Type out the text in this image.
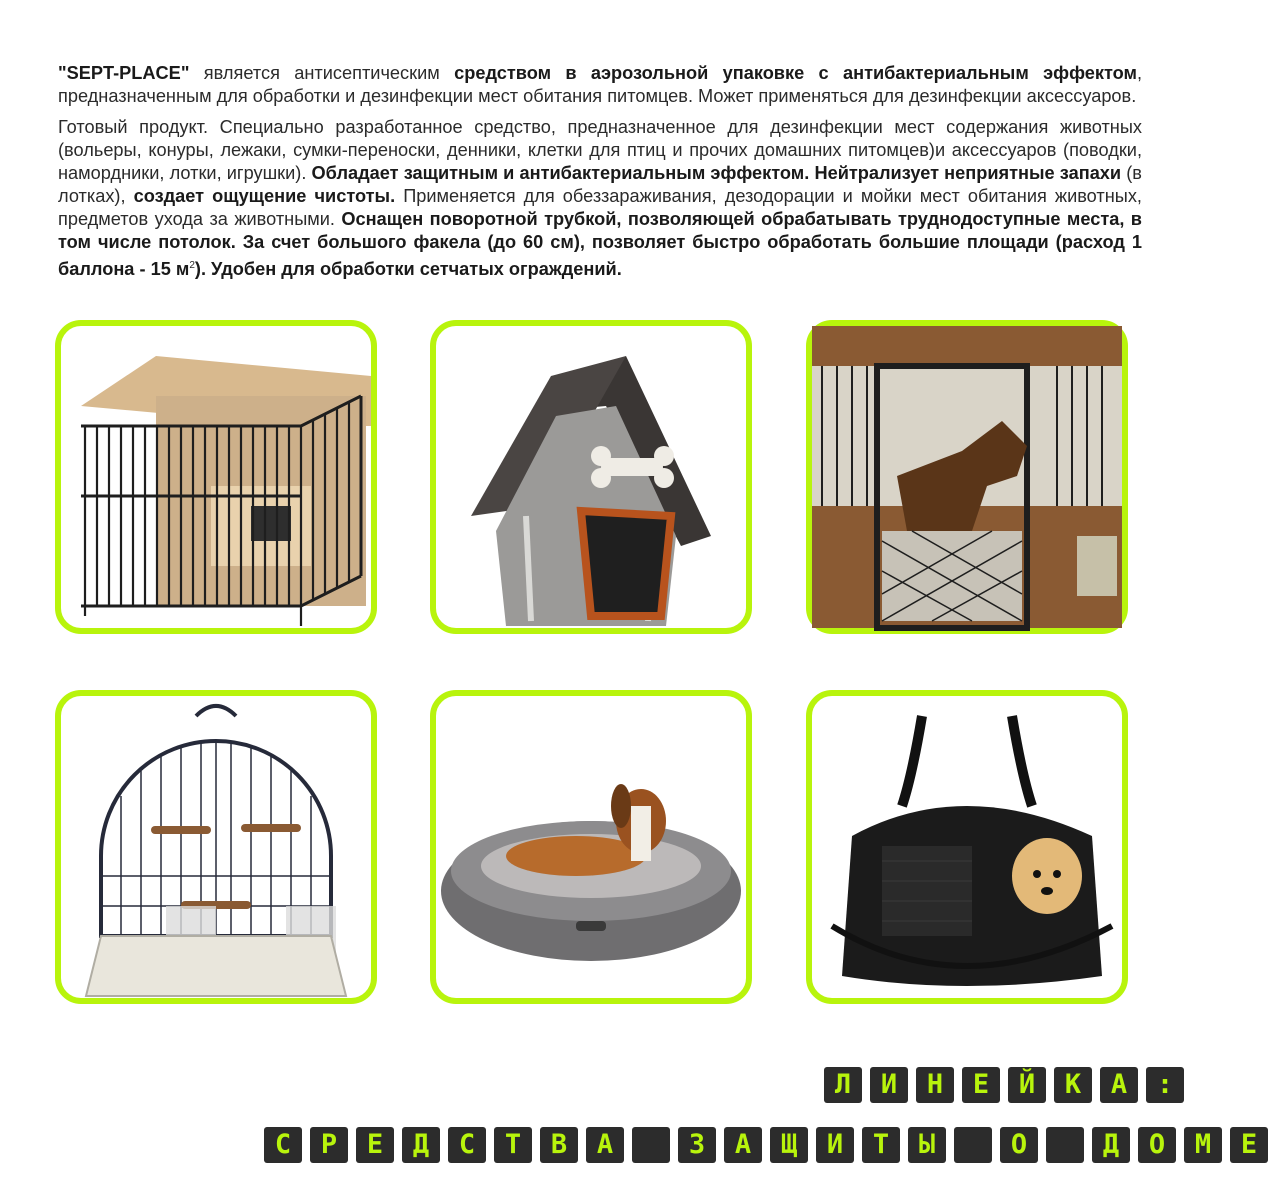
"SEPT-PLACE" является антисептическим средством в аэрозольной упаковке с антибактериальным эффектом, предназначенным для обработки и дезинфекции мест обитания питомцев. Может применяться для дезинфекции аксессуаров.

Готовый продукт. Специально разработанное средство, предназначенное для дезинфекции мест содержания животных (вольеры, конуры, лежаки, сумки-переноски, денники, клетки для птиц и прочих домашних питомцев)и аксессуаров (поводки, намордники, лотки, игрушки). Обладает защитным и антибактериальным эффектом. Нейтрализует неприятные запахи (в лотках), создает ощущение чистоты. Применяется для обеззараживания, дезодорации и мойки мест обитания животных, предметов ухода за животными. Оснащен поворотной трубкой, позволяющей обрабатывать труднодоступные места, в том числе потолок. За счет большого факела (до 60 см), позволяет быстро обработать большие площади (расход 1 баллона - 15 $м^2$). Удобен для обработки сетчатых ограждений.

Л	И	Н	Е	Й	К	А	:
С	Р	Е	Д	С	Т	В	А	З	А	Щ	И	Т	Ы	О	Д	О	М	Е
